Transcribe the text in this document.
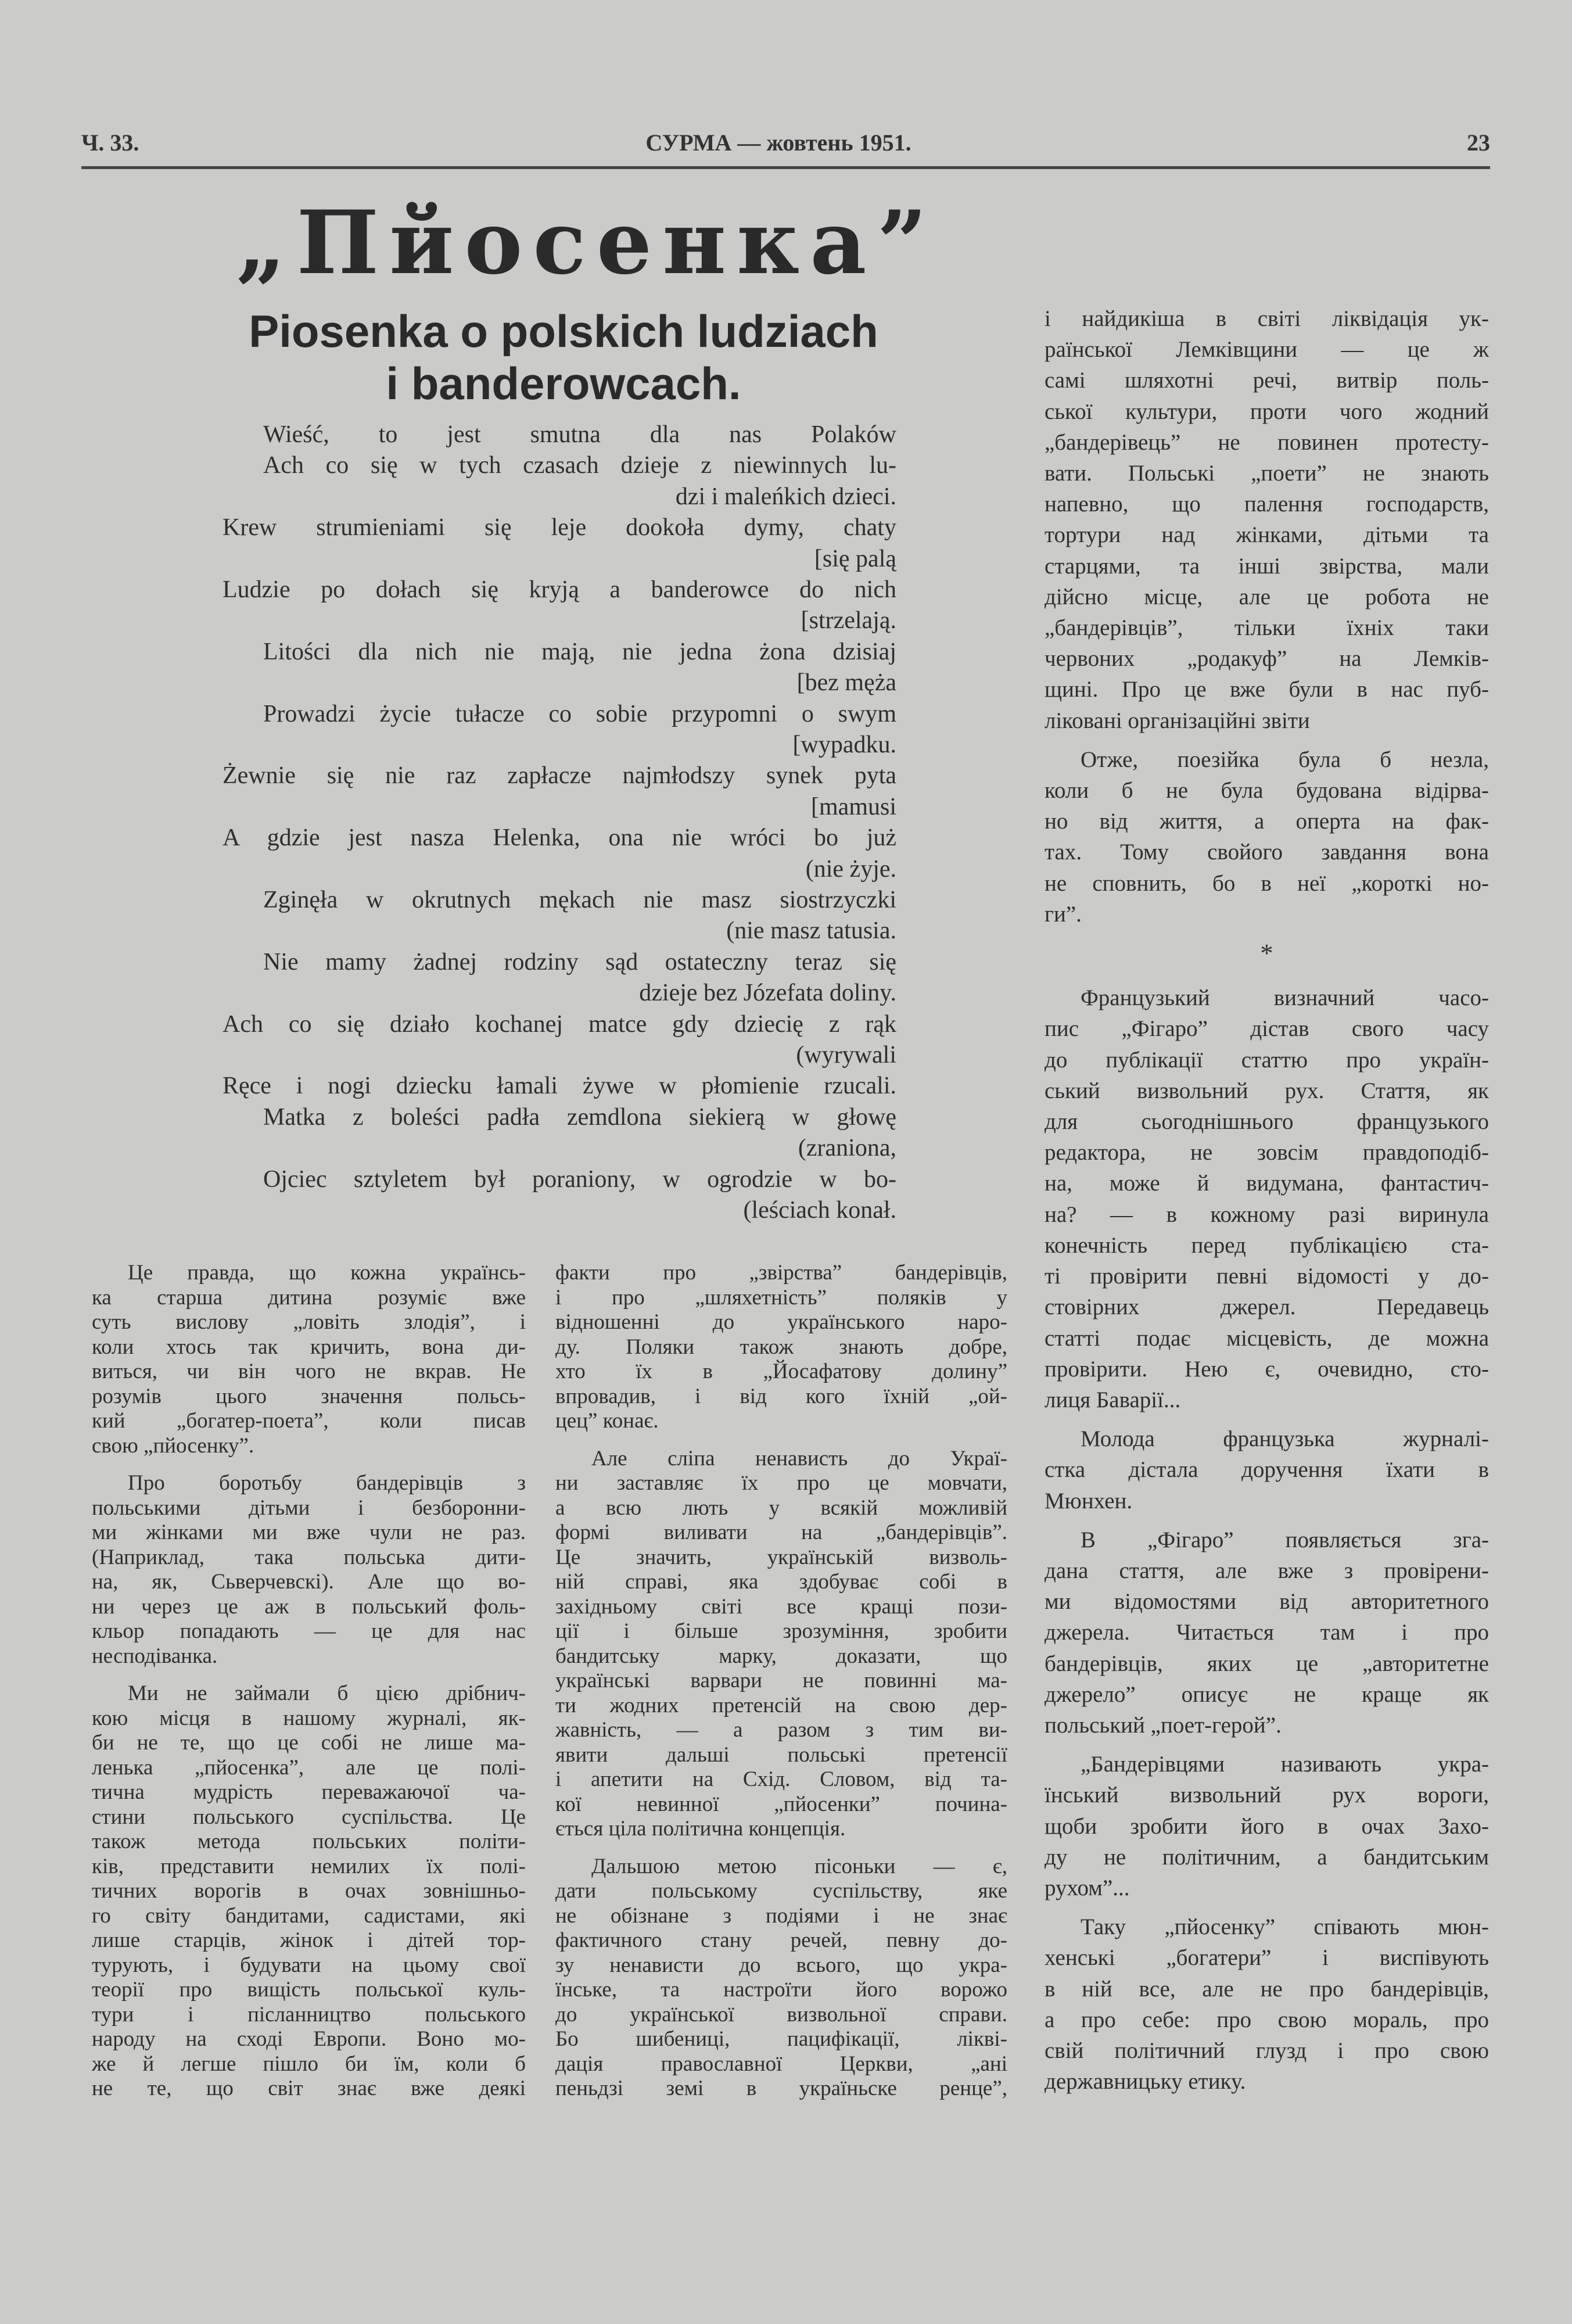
Ч. 33.	СУРМА — жовтень 1951.	23
„Пйосенка”
Piosenka o polskich ludziach
i banderowcach.
Wieść, to jest smutna dla nas Polaków
Ach co się w tych czasach dzieje z niewinnych lu-
dzi i maleńkich dzieci.
Krew strumieniami się leje dookoła dymy, chaty
[się palą
Ludzie po dołach się kryją a banderowce do nich
[strzelają.
Litości dla nich nie mają, nie jedna żona dzisiaj
[bez męża
Prowadzi życie tułacze co sobie przypomni o swym
[wypadku.
Żewnie się nie raz zapłacze najmłodszy synek pyta
[mamusi
A gdzie jest nasza Helenka, ona nie wróci bo już
(nie żyje.
Zginęła w okrutnych mękach nie masz siostrzyczki
(nie masz tatusia.
Nie mamy żadnej rodziny sąd ostateczny teraz się
dzieje bez Józefata doliny.
Ach co się działo kochanej matce gdy dziecię z rąk
(wyrywali
Ręce i nogi dziecku łamali żywe w płomienie rzucali.
Matka z boleści padła zemdlona siekierą w głowę
(zraniona,
Ojciec sztyletem był poraniony, w ogrodzie w bo-
(leściach konał.
Це правда, що кожна українсь-
ка старша дитина розуміє вже
суть вислову „ловіть злодія”, і
коли хтось так кричить, вона ди-
виться, чи він чого не вкрав. Не
розумів цього значення польсь-
кий „богатер-поета”, коли писав
свою „пйосенку”.
Про боротьбу бандерівців з
польськими дітьми і безборонни-
ми жінками ми вже чули не раз.
(Наприклад, така польська дити-
на, як, Сьверчевскі). Але що во-
ни через це аж в польський фоль-
кльор попадають — це для нас
несподіванка.
Ми не займали б цією дрібнич-
кою місця в нашому журналі, як-
би не те, що це собі не лише ма-
ленька „пйосенка”, але це полі-
тична мудрість переважаючої ча-
стини польського суспільства. Це
також метода польських політи-
ків, представити немилих їх полі-
тичних ворогів в очах зовнішньо-
го світу бандитами, садистами, які
лише старців, жінок і дітей тор-
турують, і будувати на цьому свої
теорії про вищість польської куль-
тури і післанництво польського
народу на сході Европи. Воно мо-
же й легше пішло би їм, коли б
не те, що світ знає вже деякі
факти про „звірства” бандерівців,
і про „шляхетність” поляків у
відношенні до українського наро-
ду. Поляки також знають добре,
хто їх в „Йосафатову долину”
впровадив, і від кого їхній „ой-
цец” конає.
Але сліпа ненависть до Украї-
ни заставляє їх про це мовчати,
а всю лють у всякій можливій
формі виливати на „бандерівців”.
Це значить, українській визволь-
ній справі, яка здобуває собі в
західньому світі все кращі пози-
ції і більше зрозуміння, зробити
бандитську марку, доказати, що
українські варвари не повинні ма-
ти жодних претенсій на свою дер-
жавність, — а разом з тим ви-
явити дальші польські претенсії
і апетити на Схід. Словом, від та-
кої невинної „пйосенки” почина-
ється ціла політична концепція.
Дальшою метою пісоньки — є,
дати польському суспільству, яке
не обізнане з подіями і не знає
фактичного стану речей, певну до-
зу ненависти до всього, що укра-
їнське, та настроїти його ворожо
до української визвольної справи.
Бо шибениці, пацифікації, лікві-
дація православної Церкви, „ані
пеньдзі земі в україньске ренце”,
і найдикіша в світі ліквідація ук-
раїнської Лемківщини — це ж
самі шляхотні речі, витвір поль-
ської культури, проти чого жодний
„бандерівець” не повинен протесту-
вати. Польські „поети” не знають
напевно, що палення господарств,
тортури над жінками, дітьми та
старцями, та інші звірства, мали
дійсно місце, але це робота не
„бандерівців”, тільки їхніх таки
червоних „родакуф” на Лемків-
щині. Про це вже були в нас пуб-
ліковані організаційні звіти
Отже, поезійка була б незла,
коли б не була будована відірва-
но від життя, а оперта на фак-
тах. Тому свойого завдання вона
не сповнить, бо в неї „короткі но-
ги”.
*
Французький визначний часо-
пис „Фігаро” дістав свого часу
до публікації статтю про україн-
ський визвольний рух. Стаття, як
для сьогоднішнього французького
редактора, не зовсім правдоподіб-
на, може й видумана, фантастич-
на? — в кожному разі виринула
конечність перед публікацією ста-
ті провірити певні відомості у до-
стовірних джерел. Передавець
статті подає місцевість, де можна
провірити. Нею є, очевидно, сто-
лиця Баварії...
Молода французька журналі-
стка дістала доручення їхати в
Мюнхен.
В „Фігаро” появляється зга-
дана стаття, але вже з провірени-
ми відомостями від авторитетного
джерела. Читається там і про
бандерівців, яких це „авторитетне
джерело” описує не краще як
польський „поет-герой”.
„Бандерівцями називають укра-
їнський визвольний рух вороги,
щоби зробити його в очах Захо-
ду не політичним, а бандитським
рухом”...
Таку „пйосенку” співають мюн-
хенські „богатери” і виспівують
в ній все, але не про бандерівців,
а про себе: про свою мораль, про
свій політичний глузд і про свою
державницьку етику.
